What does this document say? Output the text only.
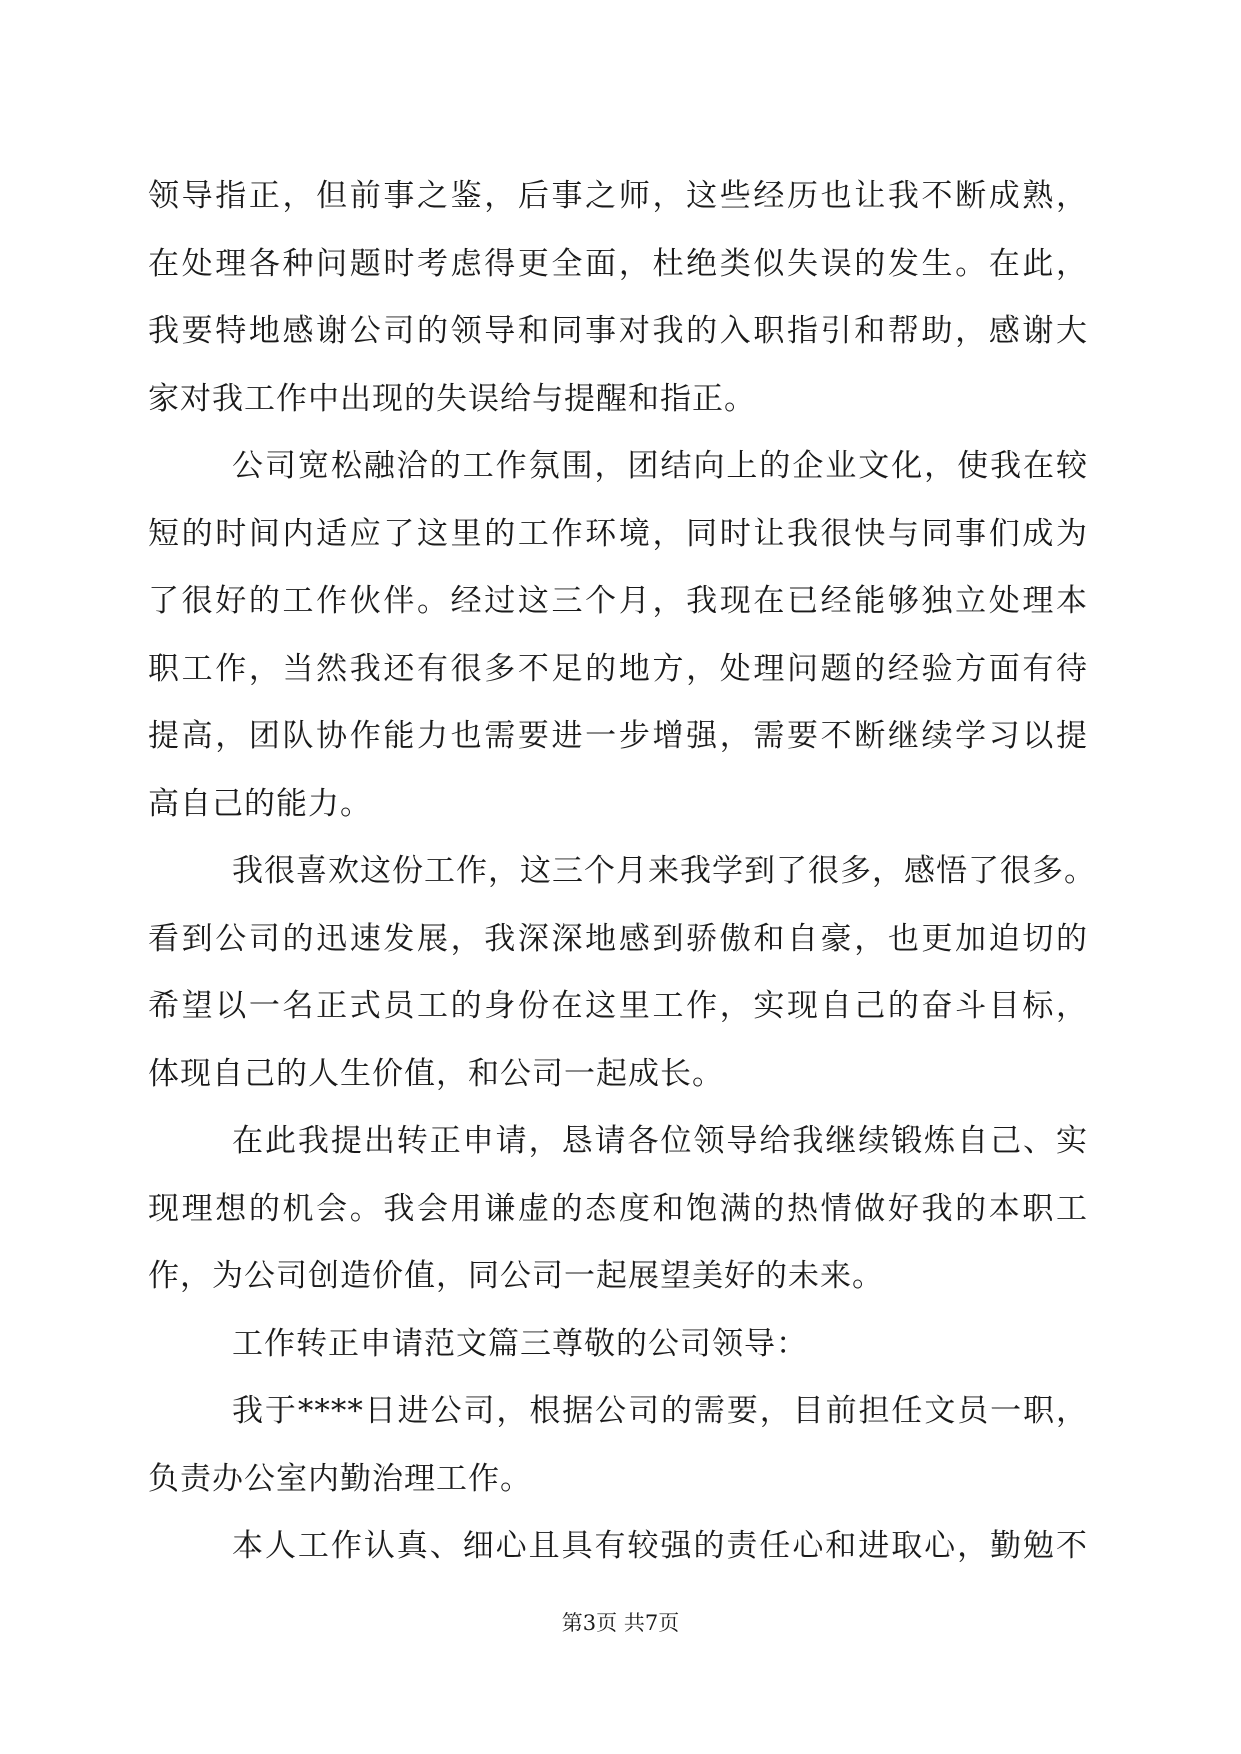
领导指正，但前事之鉴，后事之师，这些经历也让我不断成熟，
在处理各种问题时考虑得更全面，杜绝类似失误的发生。在此，
我要特地感谢公司的领导和同事对我的入职指引和帮助，感谢大
家对我工作中出现的失误给与提醒和指正。
公司宽松融洽的工作氛围，团结向上的企业文化，使我在较
短的时间内适应了这里的工作环境，同时让我很快与同事们成为
了很好的工作伙伴。经过这三个月，我现在已经能够独立处理本
职工作，当然我还有很多不足的地方，处理问题的经验方面有待
提高，团队协作能力也需要进一步增强，需要不断继续学习以提
高自己的能力。
我很喜欢这份工作，这三个月来我学到了很多，感悟了很多。
看到公司的迅速发展，我深深地感到骄傲和自豪，也更加迫切的
希望以一名正式员工的身份在这里工作，实现自己的奋斗目标，
体现自己的人生价值，和公司一起成长。
在此我提出转正申请，恳请各位领导给我继续锻炼自己、实
现理想的机会。我会用谦虚的态度和饱满的热情做好我的本职工
作，为公司创造价值，同公司一起展望美好的未来。
工作转正申请范文篇三尊敬的公司领导：
我于****日进公司，根据公司的需要，目前担任文员一职，
负责办公室内勤治理工作。
本人工作认真、细心且具有较强的责任心和进取心，勤勉不
第3页 共7页
